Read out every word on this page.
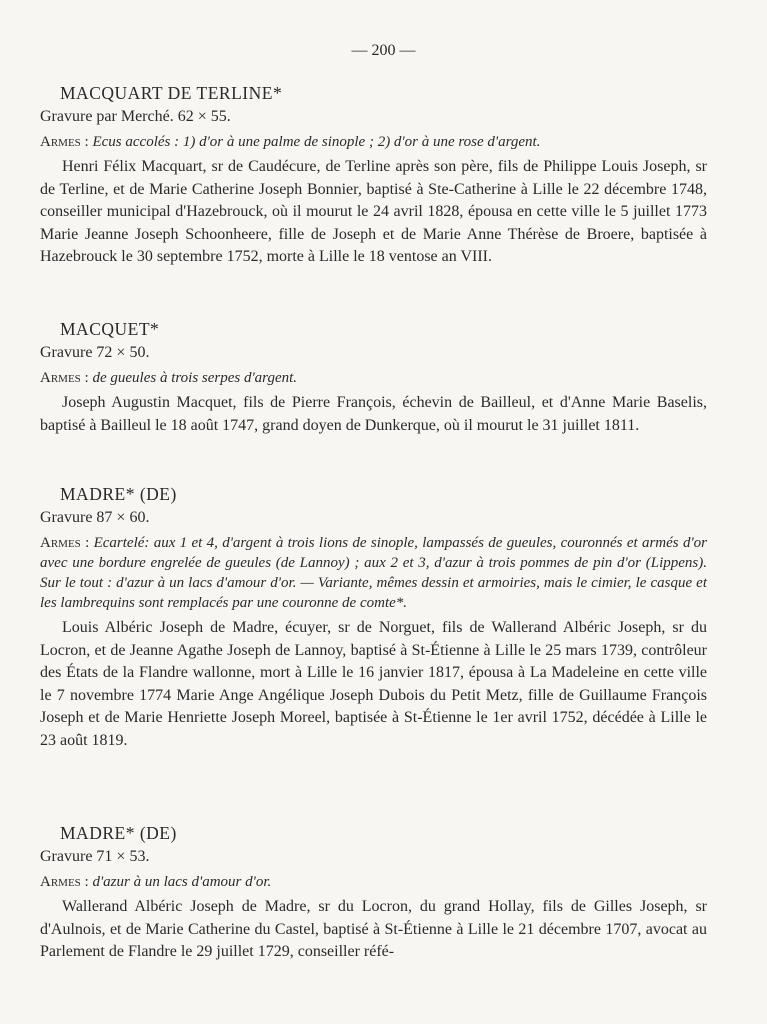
— 200 —
MACQUART DE TERLINE*
Gravure par Merché. 62 × 55.
Armes : Ecus accolés : 1) d'or à une palme de sinople ; 2) d'or à une rose d'argent.
Henri Félix Macquart, sr de Caudécure, de Terline après son père, fils de Philippe Louis Joseph, sr de Terline, et de Marie Catherine Joseph Bonnier, baptisé à Ste-Catherine à Lille le 22 décembre 1748, conseiller municipal d'Hazebrouck, où il mourut le 24 avril 1828, épousa en cette ville le 5 juillet 1773 Marie Jeanne Joseph Schoonheere, fille de Joseph et de Marie Anne Thérèse de Broere, baptisée à Hazebrouck le 30 septembre 1752, morte à Lille le 18 ventose an VIII.
MACQUET*
Gravure 72 × 50.
Armes : de gueules à trois serpes d'argent.
Joseph Augustin Macquet, fils de Pierre François, échevin de Bailleul, et d'Anne Marie Baselis, baptisé à Bailleul le 18 août 1747, grand doyen de Dunkerque, où il mourut le 31 juillet 1811.
MADRE* (DE)
Gravure 87 × 60.
Armes : Ecartelé: aux 1 et 4, d'argent à trois lions de sinople, lampassés de gueules, couronnés et armés d'or avec une bordure engrelée de gueules (de Lannoy) ; aux 2 et 3, d'azur à trois pommes de pin d'or (Lippens). Sur le tout : d'azur à un lacs d'amour d'or. — Variante, mêmes dessin et armoiries, mais le cimier, le casque et les lambrequins sont remplacés par une couronne de comte*.
Louis Albéric Joseph de Madre, écuyer, sr de Norguet, fils de Wallerand Albéric Joseph, sr du Locron, et de Jeanne Agathe Joseph de Lannoy, baptisé à St-Étienne à Lille le 25 mars 1739, contrôleur des États de la Flandre wallonne, mort à Lille le 16 janvier 1817, épousa à La Madeleine en cette ville le 7 novembre 1774 Marie Ange Angélique Joseph Dubois du Petit Metz, fille de Guillaume François Joseph et de Marie Henriette Joseph Moreel, baptisée à St-Étienne le 1er avril 1752, décédée à Lille le 23 août 1819.
MADRE* (DE)
Gravure 71 × 53.
Armes : d'azur à un lacs d'amour d'or.
Wallerand Albéric Joseph de Madre, sr du Locron, du grand Hollay, fils de Gilles Joseph, sr d'Aulnois, et de Marie Catherine du Castel, baptisé à St-Étienne à Lille le 21 décembre 1707, avocat au Parlement de Flandre le 29 juillet 1729, conseiller réfé-
